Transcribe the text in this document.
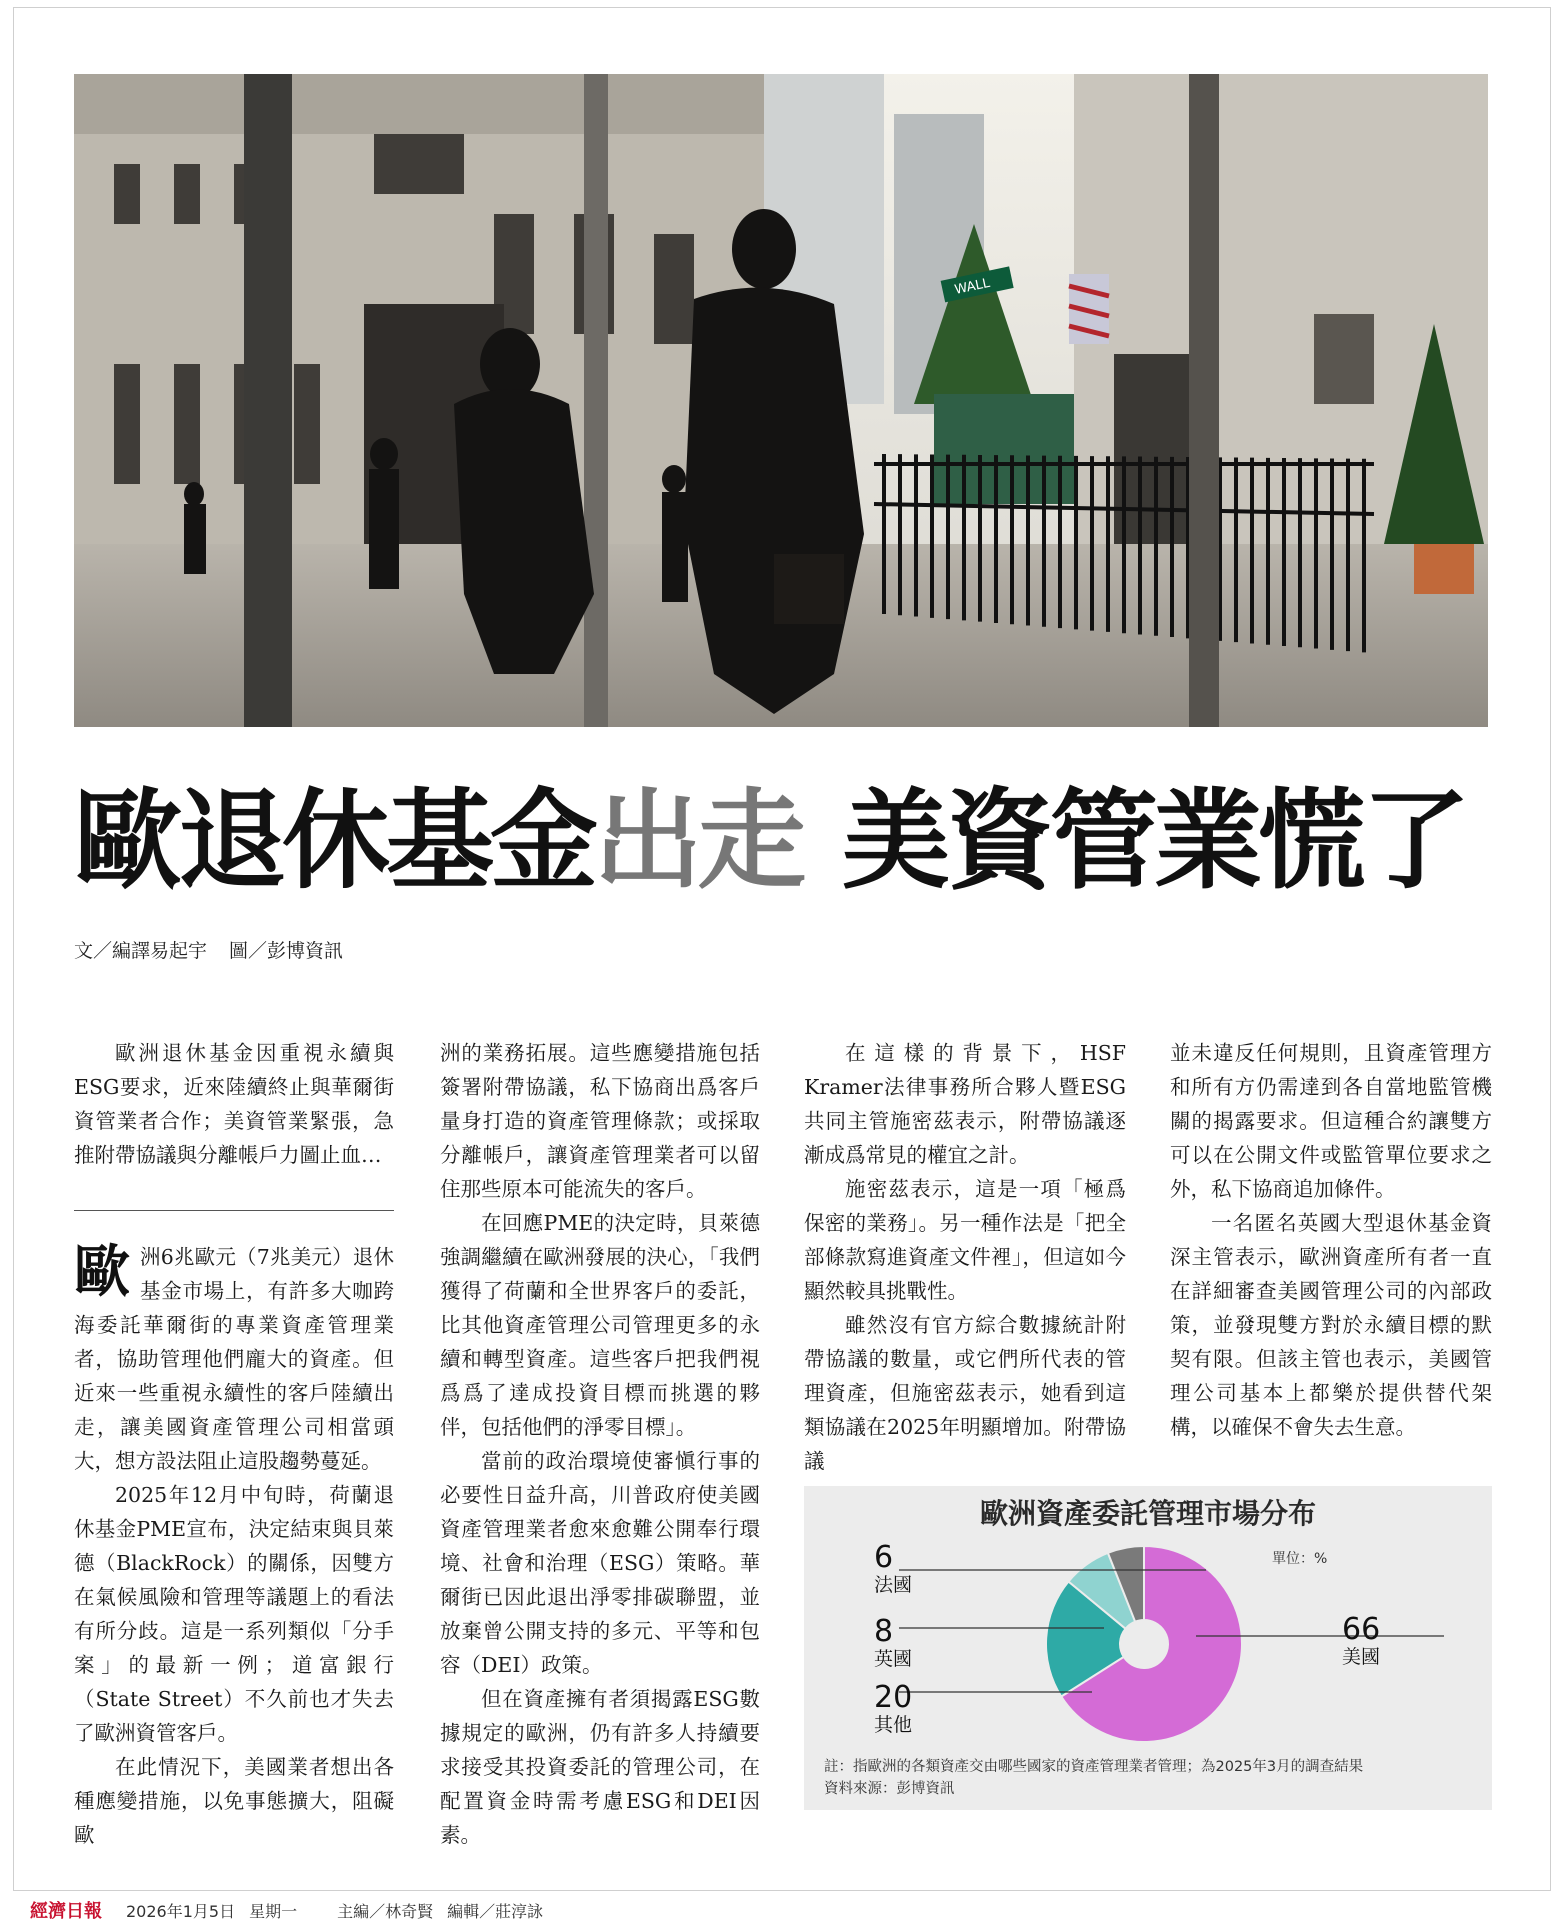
WALL
歐退休基金出走 美資管業慌了
文／編譯易起宇 圖／彭博資訊

歐洲退休基金因重視永續與ESG要求，近來陸續終止與華爾街資管業者合作；美資管業緊張，急推附帶協議與分離帳戶力圖止血…

歐洲6兆歐元（7兆美元）退休基金市場上，有許多大咖跨海委託華爾街的專業資產管理業者，協助管理他們龐大的資產。但近來一些重視永續性的客戶陸續出走，讓美國資產管理公司相當頭大，想方設法阻止這股趨勢蔓延。

2025年12月中旬時，荷蘭退休基金PME宣布，決定結束與貝萊德（BlackRock）的關係，因雙方在氣候風險和管理等議題上的看法有所分歧。這是一系列類似「分手案」的最新一例；道富銀行（State Street）不久前也才失去了歐洲資管客戶。

在此情況下，美國業者想出各種應變措施，以免事態擴大，阻礙歐

洲的業務拓展。這些應變措施包括簽署附帶協議，私下協商出爲客戶量身打造的資產管理條款；或採取分離帳戶，讓資產管理業者可以留住那些原本可能流失的客戶。

在回應PME的決定時，貝萊德強調繼續在歐洲發展的決心，「我們獲得了荷蘭和全世界客戶的委託，比其他資產管理公司管理更多的永續和轉型資產。這些客戶把我們視爲爲了達成投資目標而挑選的夥伴，包括他們的淨零目標」。

當前的政治環境使審愼行事的必要性日益升高，川普政府使美國資產管理業者愈來愈難公開奉行環境、社會和治理（ESG）策略。華爾街已因此退出淨零排碳聯盟，並放棄曾公開支持的多元、平等和包容（DEI）政策。

但在資產擁有者須揭露ESG數據規定的歐洲，仍有許多人持續要求接受其投資委託的管理公司，在配置資金時需考慮ESG和DEI因素。

在這樣的背景下，HSF Kramer法律事務所合夥人暨ESG共同主管施密茲表示，附帶協議逐漸成爲常見的權宜之計。

施密茲表示，這是一項「極爲保密的業務」。另一種作法是「把全部條款寫進資產文件裡」，但這如今顯然較具挑戰性。

雖然沒有官方綜合數據統計附帶協議的數量，或它們所代表的管理資產，但施密茲表示，她看到這類協議在2025年明顯增加。附帶協議

並未違反任何規則，且資產管理方和所有方仍需達到各自當地監管機關的揭露要求。但這種合約讓雙方可以在公開文件或監管單位要求之外，私下協商追加條件。

一名匿名英國大型退休基金資深主管表示，歐洲資產所有者一直在詳細審查美國管理公司的內部政策，並發現雙方對於永續目標的默契有限。但該主管也表示，美國管理公司基本上都樂於提供替代架構，以確保不會失去生意。

歐洲資產委託管理市場分布
單位：%
6
法國
8
英國
20
其他
66
美國
註：指歐洲的各類資產交由哪些國家的資產管理業者管理；為2025年3月的調查結果
資料來源：彭博資訊
經濟日報 2026年1月5日 星期一	主編／林奇賢 編輯／莊淳詠
